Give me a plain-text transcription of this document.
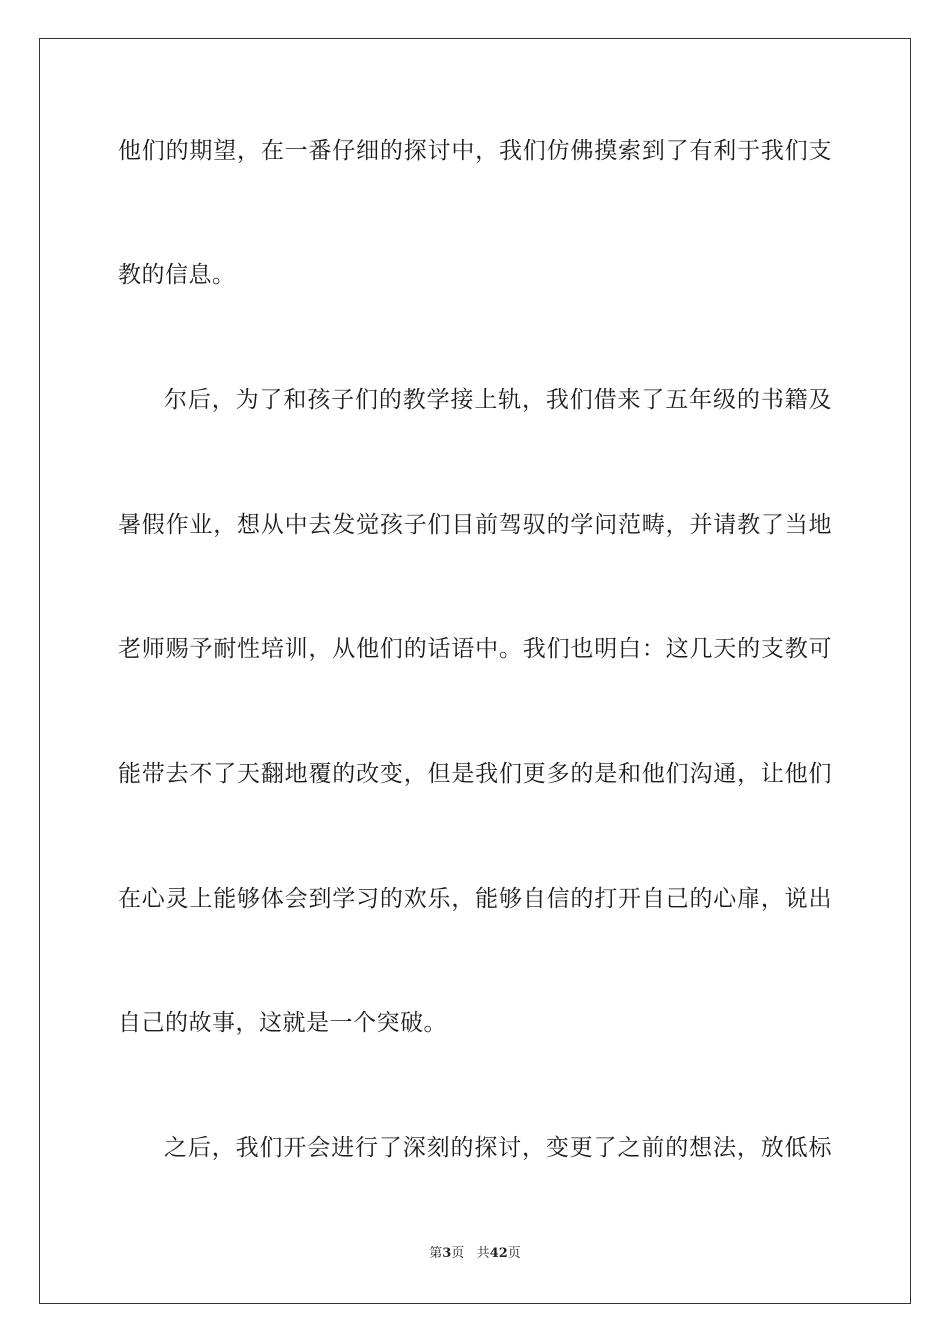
他们的期望，在一番仔细的探讨中，我们仿佛摸索到了有利于我们支
教的信息。
尔后，为了和孩子们的教学接上轨，我们借来了五年级的书籍及
暑假作业，想从中去发觉孩子们目前驾驭的学问范畴，并请教了当地
老师赐予耐性培训，从他们的话语中。我们也明白：这几天的支教可
能带去不了天翻地覆的改变，但是我们更多的是和他们沟通，让他们
在心灵上能够体会到学习的欢乐，能够自信的打开自己的心扉，说出
自己的故事，这就是一个突破。
之后，我们开会进行了深刻的探讨，变更了之前的想法，放低标
第3页 共42页
